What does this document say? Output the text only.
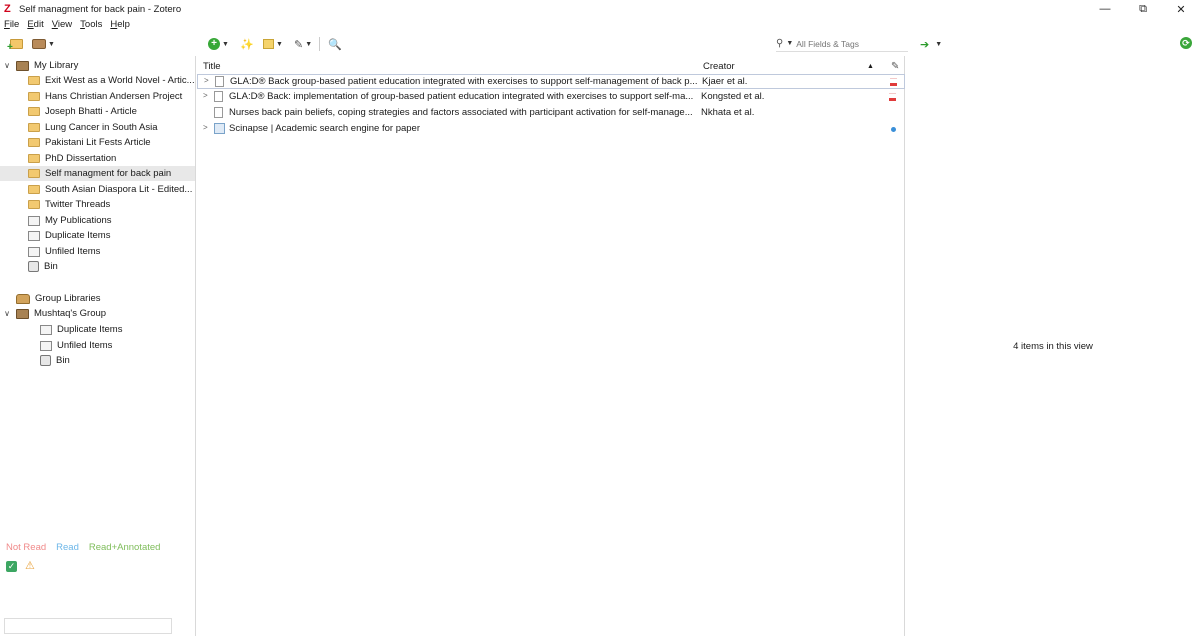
Z Self managment for back pain - Zotero	—	⧉	✕
File Edit View Tools Help
+
▼	+ ▼ ✨	▼ ✎ ▼ 🔍	⚲ ▼
All Fields & Tags	➔ ▼	⟳
∨	My Library
Exit West as a World Novel - Artic...
Hans Christian Andersen Project
Joseph Bhatti - Article
Lung Cancer in South Asia
Pakistani Lit Fests Article
PhD Dissertation
Self managment for back pain
South Asian Diaspora Lit - Edited...
Twitter Threads
My Publications
Duplicate Items
Unfiled Items
Bin
Group Libraries
∨	Mushtaq's Group
Duplicate Items
Unfiled Items
Bin
Not Read Read Read+Annotated
✓ ⚠
Title	Creator	▲ ✎
> GLA:D® Back group-based patient education integrated with exercises to support self-management of back p... Kjaer et al.
> GLA:D® Back: implementation of group-based patient education integrated with exercises to support self-ma... Kongsted et al.
Nurses back pain beliefs, coping strategies and factors associated with participant activation for self-manage... Nkhata et al.
> Scinapse | Academic search engine for paper
4 items in this view
